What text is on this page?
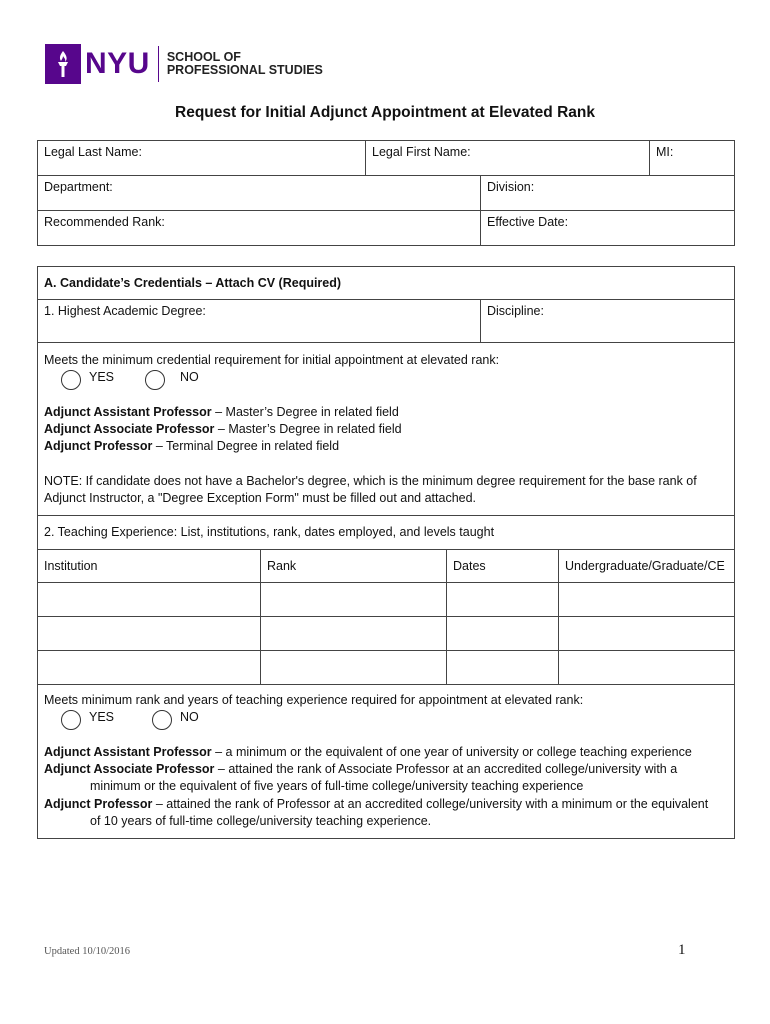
NYU SCHOOL OF
PROFESSIONAL STUDIES
Request for Initial Adjunct Appointment at Elevated Rank
Legal Last Name:	Legal First Name:	MI:
Department:	Division:
Recommended Rank:	Effective Date:
A. Candidate’s Credentials – Attach CV (Required)
1. Highest Academic Degree:	Discipline:
Meets the minimum credential requirement for initial appointment at elevated rank:
YES	NO
Adjunct Assistant Professor – Master’s Degree in related field
Adjunct Associate Professor – Master’s Degree in related field
Adjunct Professor – Terminal Degree in related field
NOTE: If candidate does not have a Bachelor's degree, which is the minimum degree requirement for the base rank of
Adjunct Instructor, a "Degree Exception Form" must be filled out and attached.
2. Teaching Experience: List, institutions, rank, dates employed, and levels taught
Institution	Rank	Dates	Undergraduate/Graduate/CE
Meets minimum rank and years of teaching experience required for appointment at elevated rank:
YES	NO
Adjunct Assistant Professor – a minimum or the equivalent of one year of university or college teaching experience
Adjunct Associate Professor – attained the rank of Associate Professor at an accredited college/university with a
minimum or the equivalent of five years of full-time college/university teaching experience
Adjunct Professor – attained the rank of Professor at an accredited college/university with a minimum or the equivalent
of 10 years of full-time college/university teaching experience.
Updated 10/10/2016	1
